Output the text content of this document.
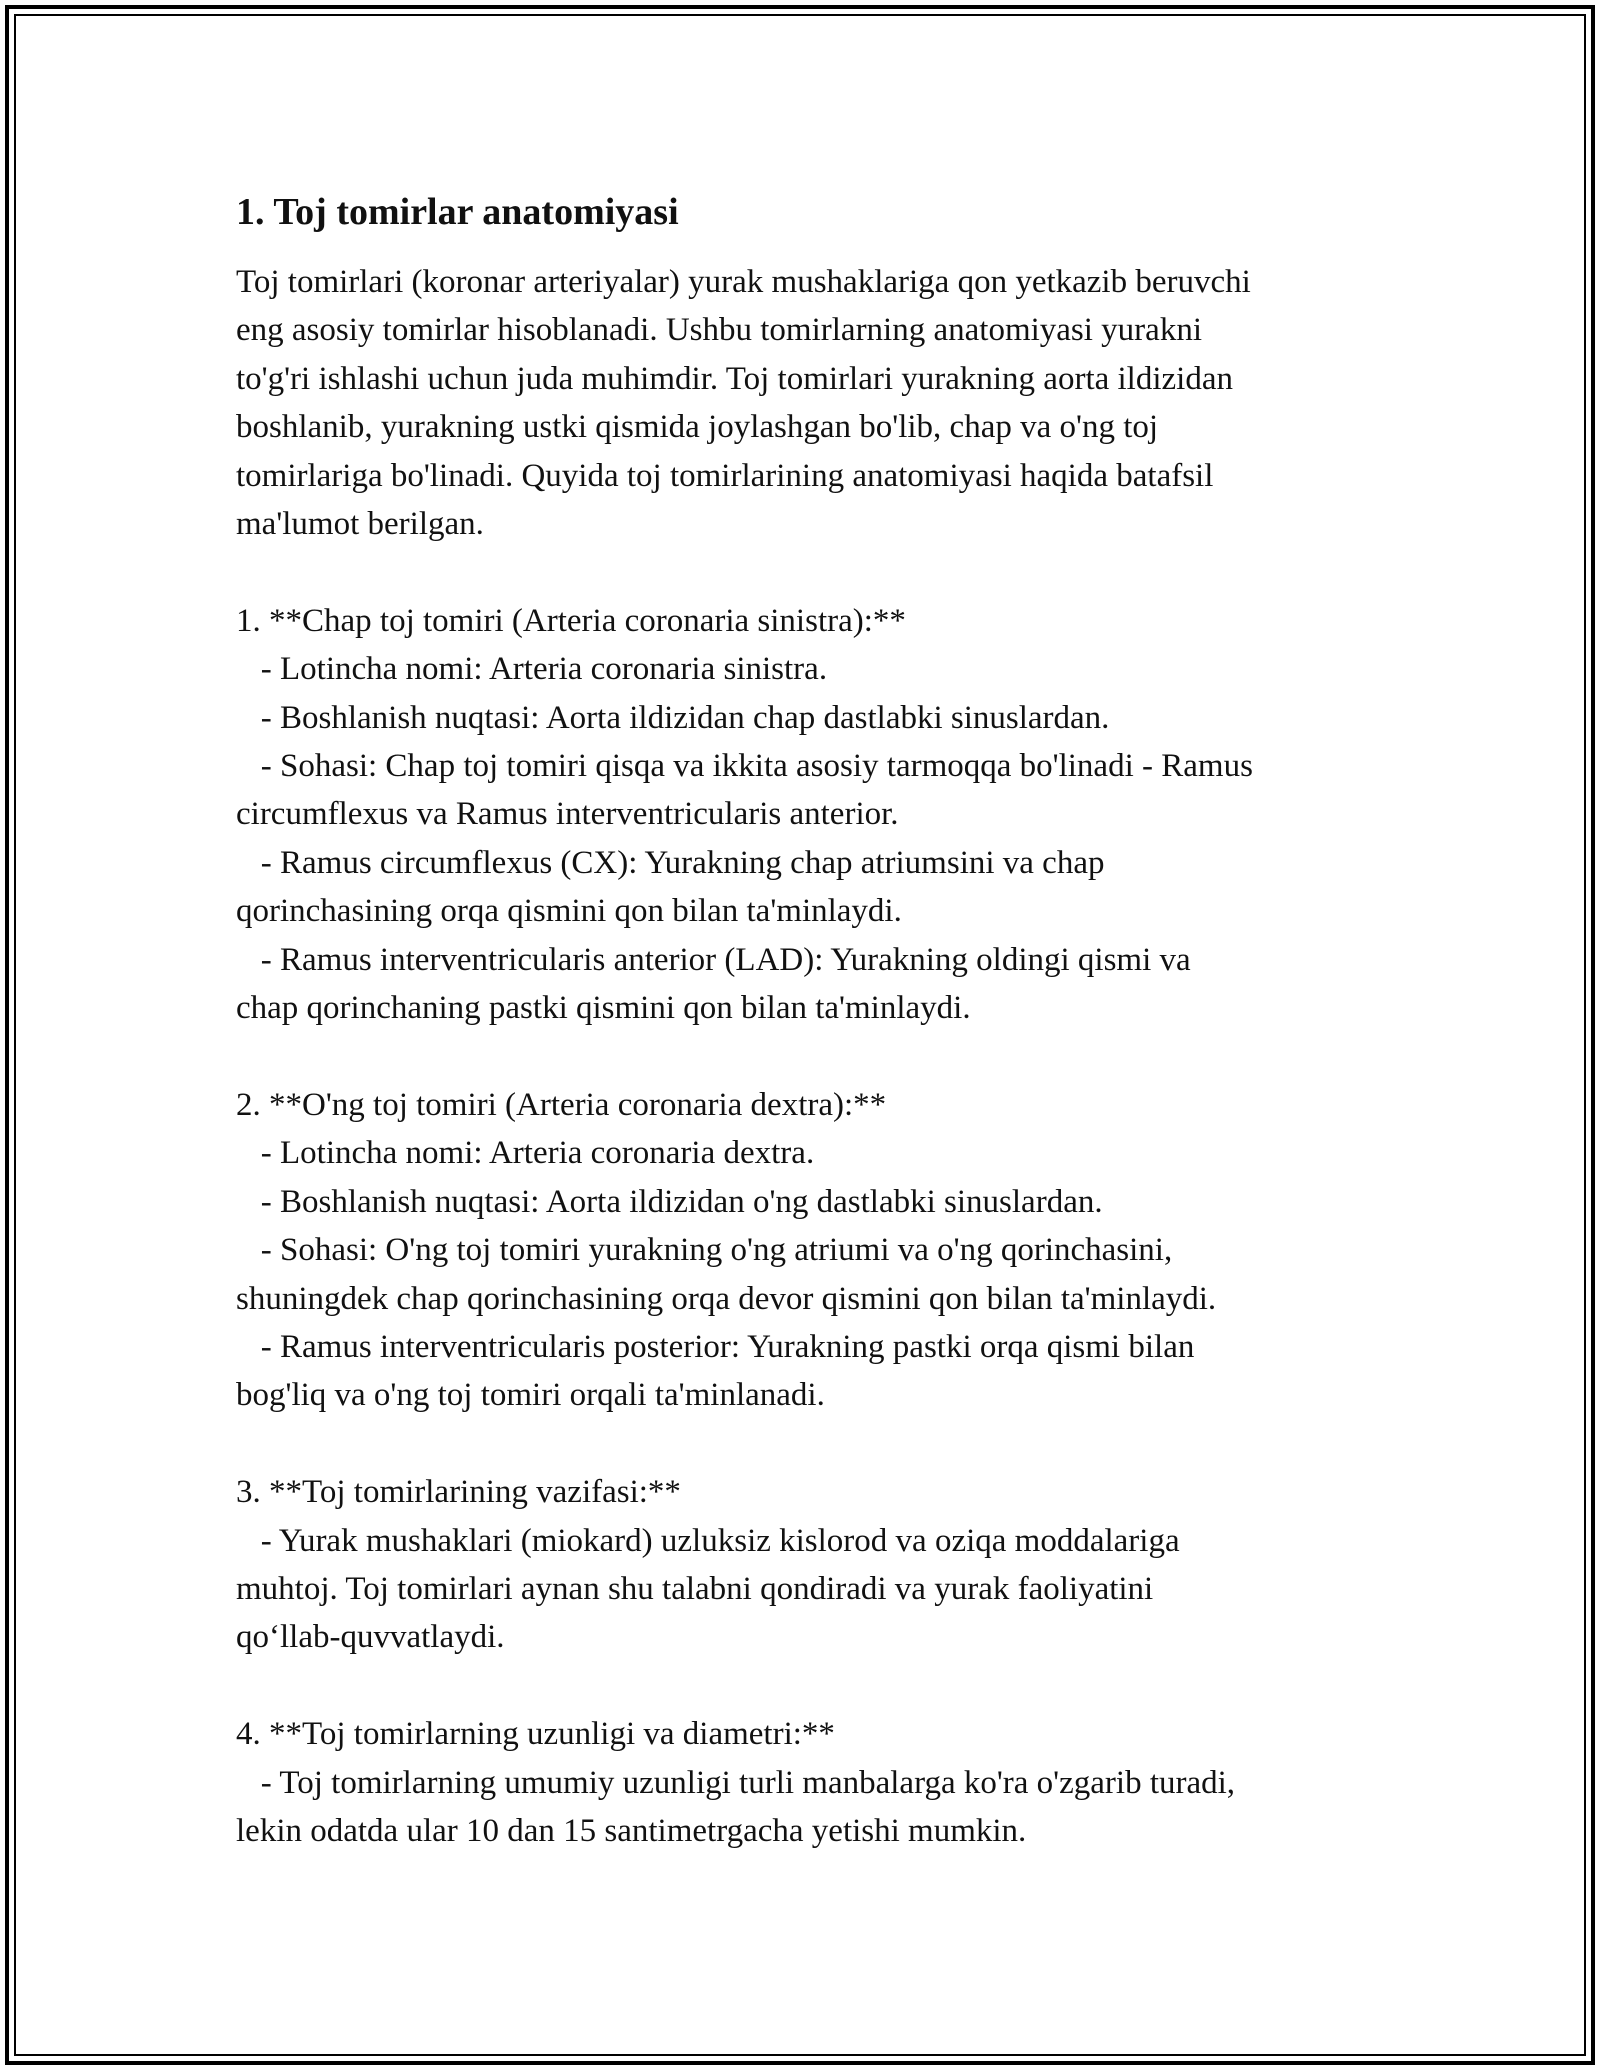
1. Toj tomirlar anatomiyasi
Toj tomirlari (koronar arteriyalar) yurak mushaklariga qon yetkazib beruvchi
eng asosiy tomirlar hisoblanadi. Ushbu tomirlarning anatomiyasi yurakni
to'g'ri ishlashi uchun juda muhimdir. Toj tomirlari yurakning aorta ildizidan
boshlanib, yurakning ustki qismida joylashgan bo'lib, chap va o'ng toj
tomirlariga bo'linadi. Quyida toj tomirlarining anatomiyasi haqida batafsil
ma'lumot berilgan.
1. **Chap toj tomiri (Arteria coronaria sinistra):**
- Lotincha nomi: Arteria coronaria sinistra.
- Boshlanish nuqtasi: Aorta ildizidan chap dastlabki sinuslardan.
- Sohasi: Chap toj tomiri qisqa va ikkita asosiy tarmoqqa bo'linadi - Ramus
circumflexus va Ramus interventricularis anterior.
- Ramus circumflexus (CX): Yurakning chap atriumsini va chap
qorinchasining orqa qismini qon bilan ta'minlaydi.
- Ramus interventricularis anterior (LAD): Yurakning oldingi qismi va
chap qorinchaning pastki qismini qon bilan ta'minlaydi.
2. **O'ng toj tomiri (Arteria coronaria dextra):**
- Lotincha nomi: Arteria coronaria dextra.
- Boshlanish nuqtasi: Aorta ildizidan o'ng dastlabki sinuslardan.
- Sohasi: O'ng toj tomiri yurakning o'ng atriumi va o'ng qorinchasini,
shuningdek chap qorinchasining orqa devor qismini qon bilan ta'minlaydi.
- Ramus interventricularis posterior: Yurakning pastki orqa qismi bilan
bog'liq va o'ng toj tomiri orqali ta'minlanadi.
3. **Toj tomirlarining vazifasi:**
- Yurak mushaklari (miokard) uzluksiz kislorod va oziqa moddalariga
muhtoj. Toj tomirlari aynan shu talabni qondiradi va yurak faoliyatini
qo‘llab-quvvatlaydi.
4. **Toj tomirlarning uzunligi va diametri:**
- Toj tomirlarning umumiy uzunligi turli manbalarga ko'ra o'zgarib turadi,
lekin odatda ular 10 dan 15 santimetrgacha yetishi mumkin.
